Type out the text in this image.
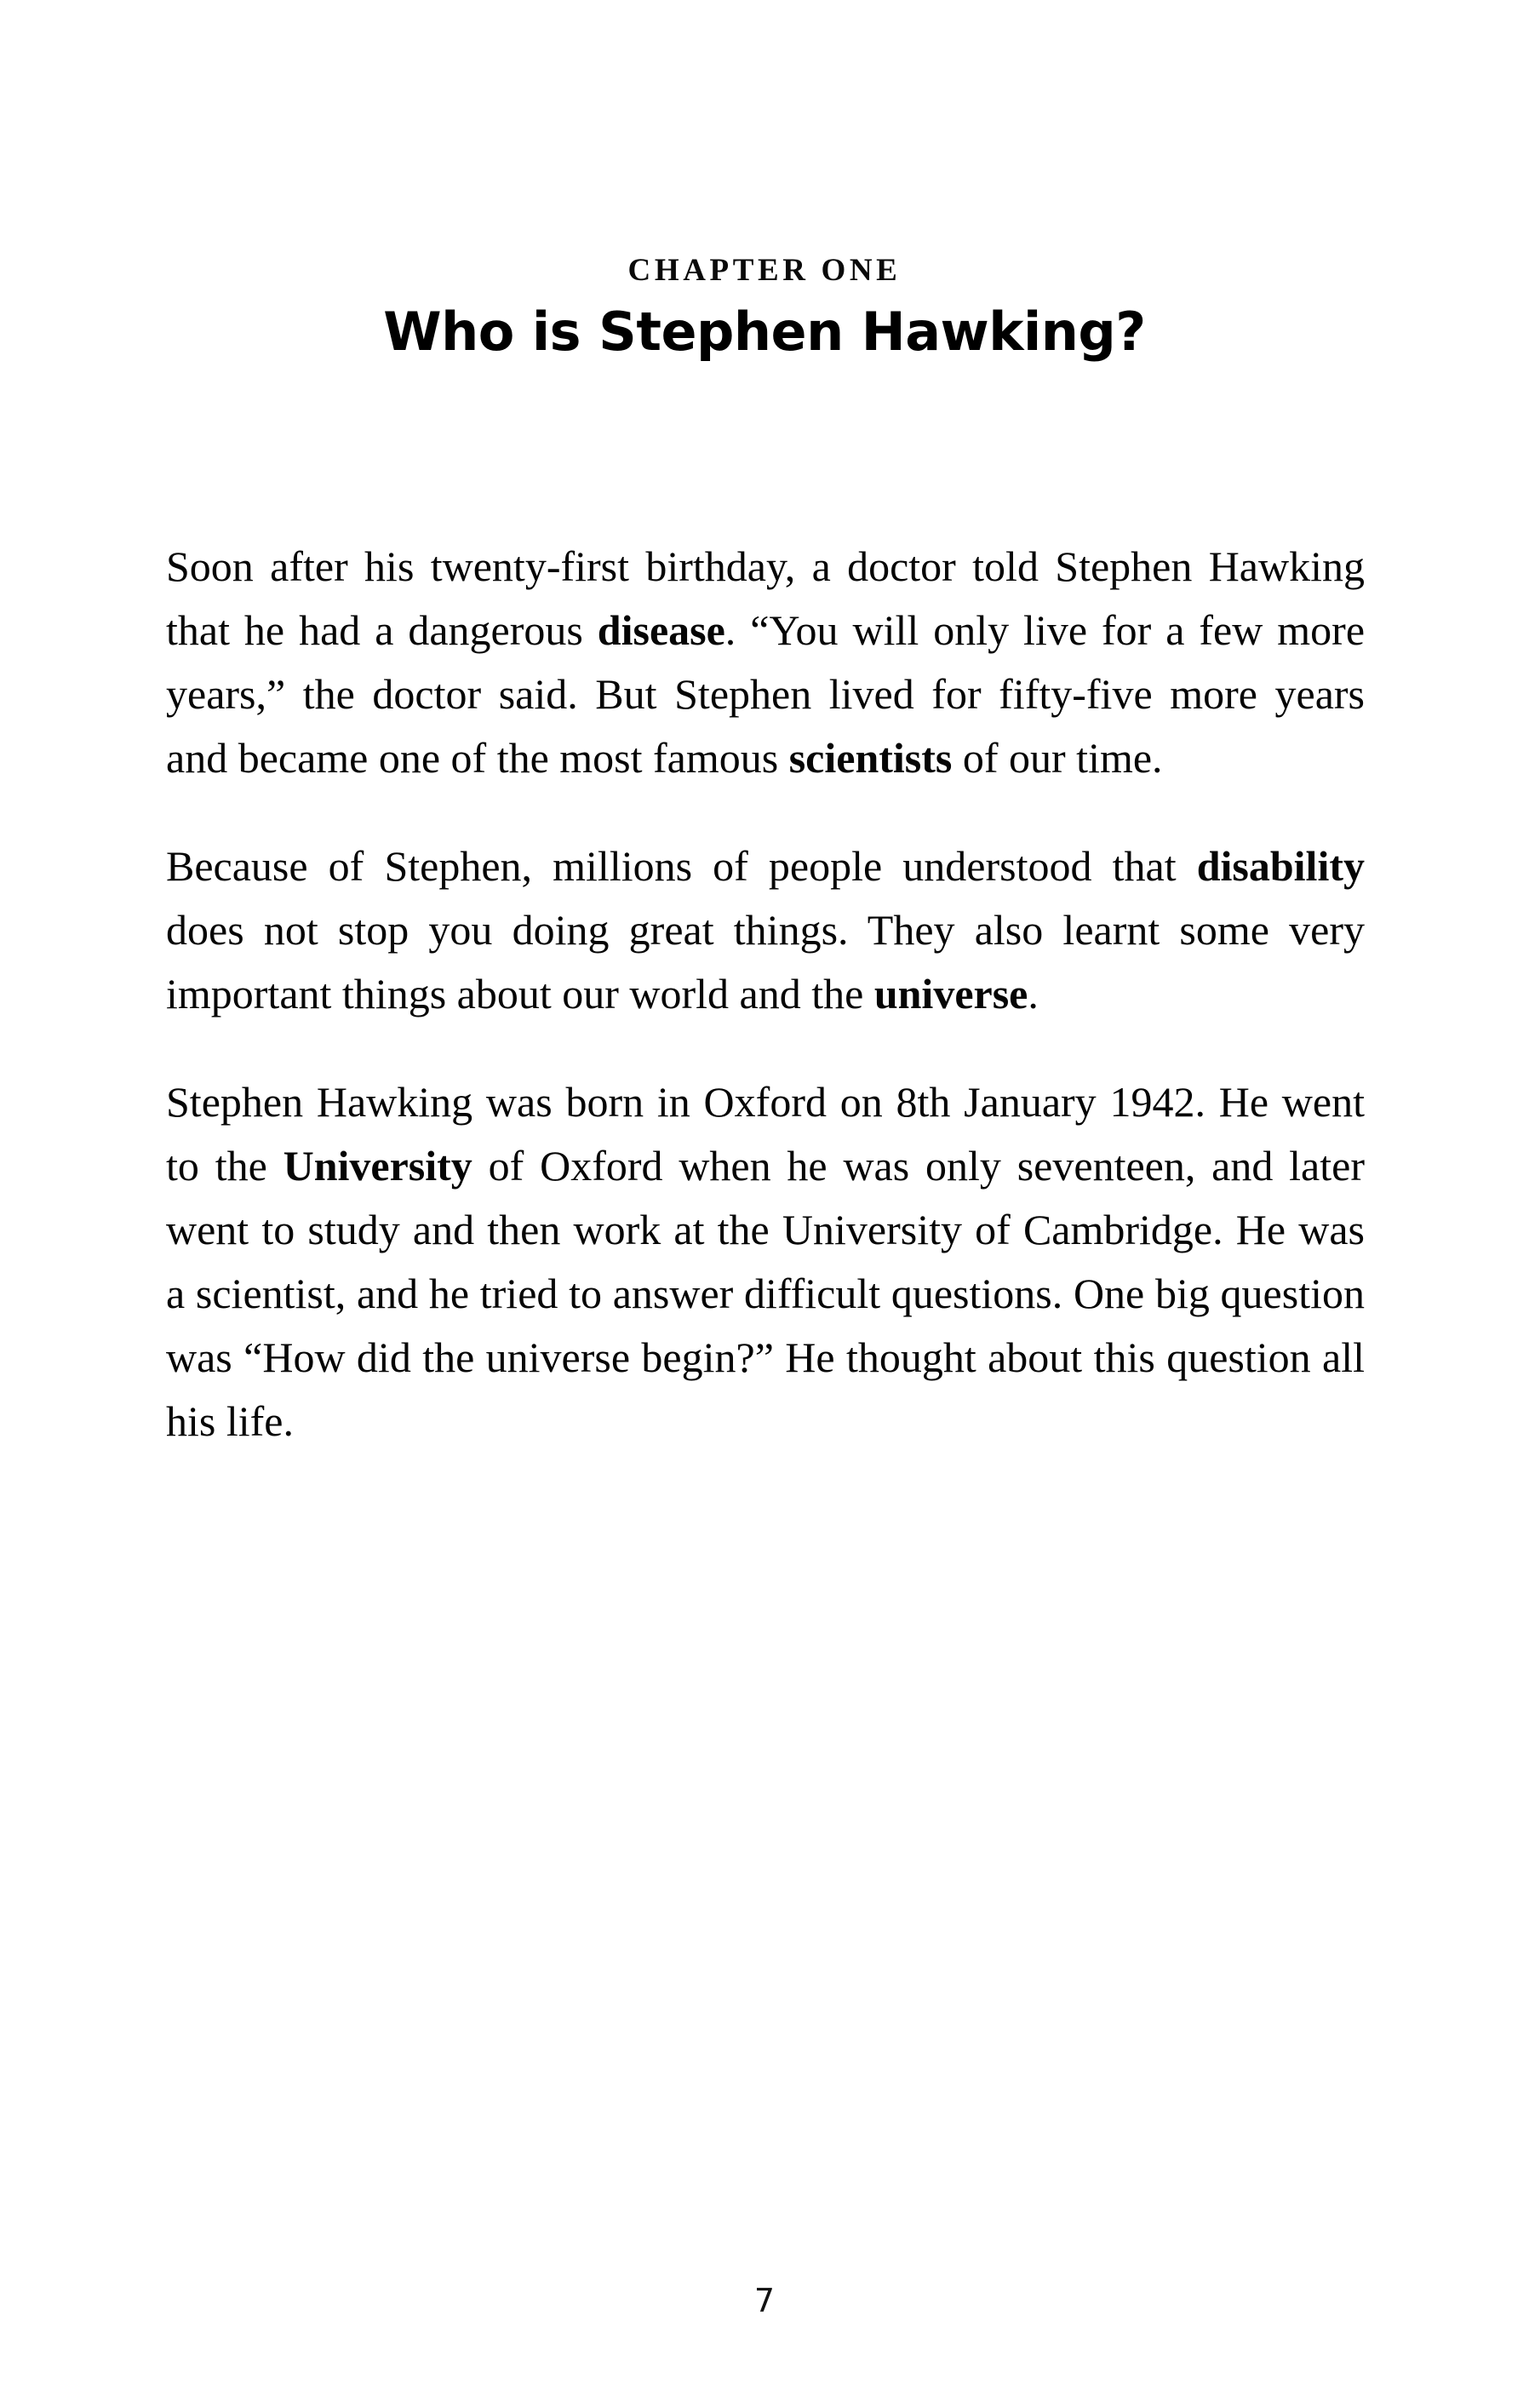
CHAPTER ONE
Who is Stephen Hawking?

Soon after his twenty-first birthday, a doctor told Stephen Hawking that he had a dangerous disease. “You will only live for a few more years,” the doctor said. But Stephen lived for fifty-five more years and became one of the most famous scientists of our time.

Because of Stephen, millions of people understood that disability does not stop you doing great things. They also learnt some very important things about our world and the universe.

Stephen Hawking was born in Oxford on 8th January 1942. He went to the University of Oxford when he was only seventeen, and later went to study and then work at the University of Cambridge. He was a scientist, and he tried to answer difficult questions. One big question was “How did the universe begin?” He thought about this question all his life.

7
